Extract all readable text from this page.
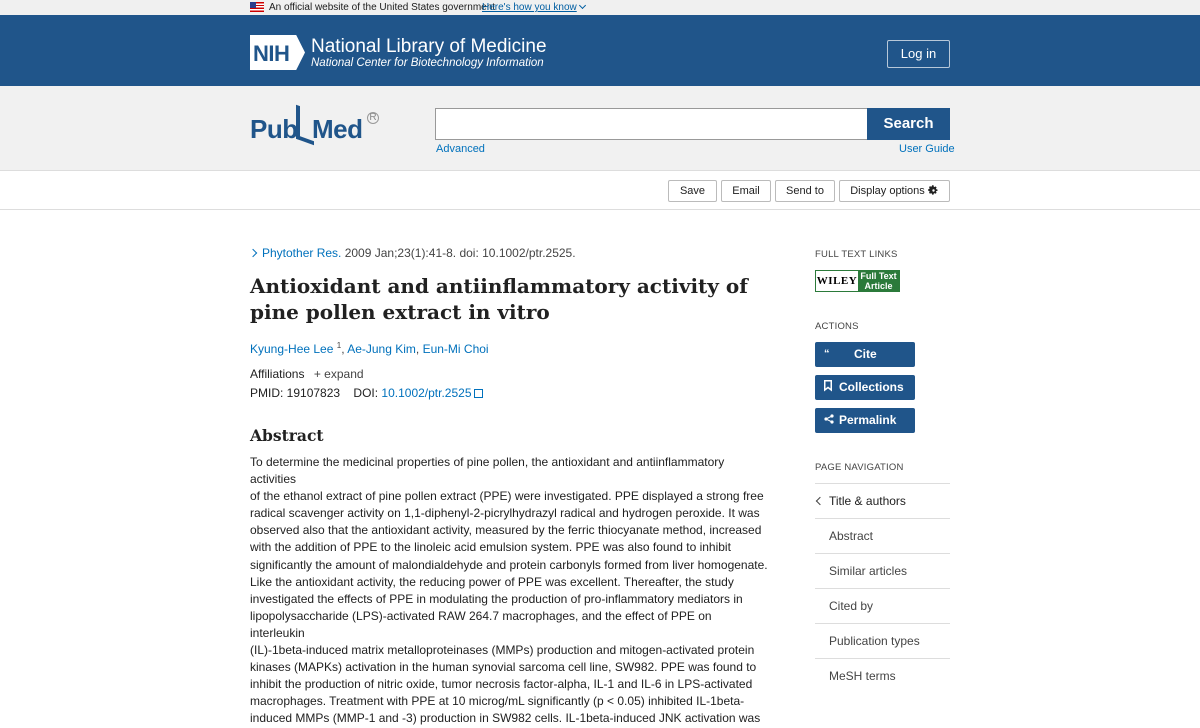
An official website of the United States government
Here's how you know
NIH National Library of Medicine
National Center for Biotechnology Information
Log in
Pub Med R	Search
Advanced	User Guide
Save	Email	Send to	Display options
Phytother Res. 2009 Jan;23(1):41-8. doi: 10.1002/ptr.2525.
Antioxidant and antiinflammatory activity of pine pollen extract in vitro
Kyung-Hee Lee $^1$, Ae-Jung Kim, Eun-Mi Choi
Affiliations + expand
PMID: 19107823 DOI: 10.1002/ptr.2525
Abstract
To determine the medicinal properties of pine pollen, the antioxidant and antiinflammatory activities
of the ethanol extract of pine pollen extract (PPE) were investigated. PPE displayed a strong free
radical scavenger activity on 1,1-diphenyl-2-picrylhydrazyl radical and hydrogen peroxide. It was
observed also that the antioxidant activity, measured by the ferric thiocyanate method, increased
with the addition of PPE to the linoleic acid emulsion system. PPE was also found to inhibit
significantly the amount of malondialdehyde and protein carbonyls formed from liver homogenate.
Like the antioxidant activity, the reducing power of PPE was excellent. Thereafter, the study
investigated the effects of PPE in modulating the production of pro-inflammatory mediators in
lipopolysaccharide (LPS)-activated RAW 264.7 macrophages, and the effect of PPE on interleukin
(IL)-1beta-induced matrix metalloproteinases (MMPs) production and mitogen-activated protein
kinases (MAPKs) activation in the human synovial sarcoma cell line, SW982. PPE was found to
inhibit the production of nitric oxide, tumor necrosis factor-alpha, IL-1 and IL-6 in LPS-activated
macrophages. Treatment with PPE at 10 microg/mL significantly (p < 0.05) inhibited IL-1beta-
induced MMPs (MMP-1 and -3) production in SW982 cells. IL-1beta-induced JNK activation was
FULL TEXT LINKS
WILEY Full Text
Article
ACTIONS
“ Cite
Collections
Permalink
PAGE NAVIGATION
Title & authors
Abstract
Similar articles
Cited by
Publication types
MeSH terms
